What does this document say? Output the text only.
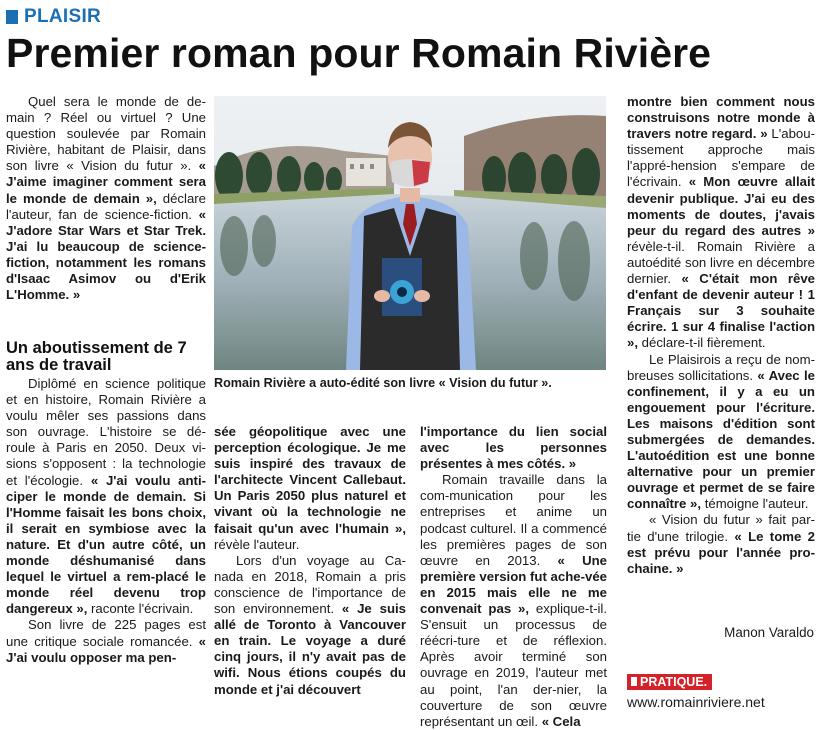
PLAISIR
Premier roman pour Romain Rivière

Quel sera le monde de de-main ? Réel ou virtuel ? Une question soulevée par Romain Rivière, habitant de Plaisir, dans son livre « Vision du futur ». « J'aime imaginer comment sera le monde de demain », déclare l'auteur, fan de science-fiction. « J'adore Star Wars et Star Trek. J'ai lu beaucoup de science-fiction, notamment les romans d'Isaac Asimov ou d'Erik L'Homme. »

Un aboutissement de 7 ans de travail

Diplômé en science politique et en histoire, Romain Rivière a voulu mêler ses passions dans son ouvrage. L'histoire se dé-roule à Paris en 2050. Deux vi-sions s'opposent : la technologie et l'écologie. « J'ai voulu anti-ciper le monde de demain. Si l'Homme faisait les bons choix, il serait en symbiose avec la nature. Et d'un autre côté, un monde déshumanisé dans lequel le virtuel a rem-placé le monde réel devenu trop dangereux », raconte l'écrivain.

Son livre de 225 pages est une critique sociale romancée. « J'ai voulu opposer ma pen-

Romain Rivière a auto-édité son livre « Vision du futur ».

sée géopolitique avec une perception écologique. Je me suis inspiré des travaux de l'architecte Vincent Callebaut. Un Paris 2050 plus naturel et vivant où la technologie ne faisait qu'un avec l'humain », révèle l'auteur.

Lors d'un voyage au Ca-nada en 2018, Romain a pris conscience de l'importance de son environnement. « Je suis allé de Toronto à Vancouver en train. Le voyage a duré cinq jours, il n'y avait pas de wifi. Nous étions coupés du monde et j'ai découvert

l'importance du lien social avec les personnes présentes à mes côtés. »

Romain travaille dans la com-munication pour les entreprises et anime un podcast culturel. Il a commencé les premières pages de son œuvre en 2013. « Une première version fut ache-vée en 2015 mais elle ne me convenait pas », explique-t-il. S'ensuit un processus de réécri-ture et de réflexion. Après avoir terminé son ouvrage en 2019, l'auteur met au point, l'an der-nier, la couverture de son œuvre représentant un œil. « Cela

montre bien comment nous construisons notre monde à travers notre regard. » L'abou-tissement approche mais l'appré-hension s'empare de l'écrivain. « Mon œuvre allait devenir publique. J'ai eu des moments de doutes, j'avais peur du regard des autres » révèle-t-il. Romain Rivière a autoédité son livre en décembre dernier. « C'était mon rêve d'enfant de devenir auteur ! 1 Français sur 3 souhaite écrire. 1 sur 4 finalise l'action », déclare-t-il fièrement.

Le Plaisirois a reçu de nom-breuses sollicitations. « Avec le confinement, il y a eu un engouement pour l'écriture. Les maisons d'édition sont submergées de demandes. L'autoédition est une bonne alternative pour un premier ouvrage et permet de se faire connaître », témoigne l'auteur.

« Vision du futur » fait par-tie d'une trilogie. « Le tome 2 est prévu pour l'année pro-chaine. »

Manon Varaldo
PRATIQUE.
www.romainriviere.net
